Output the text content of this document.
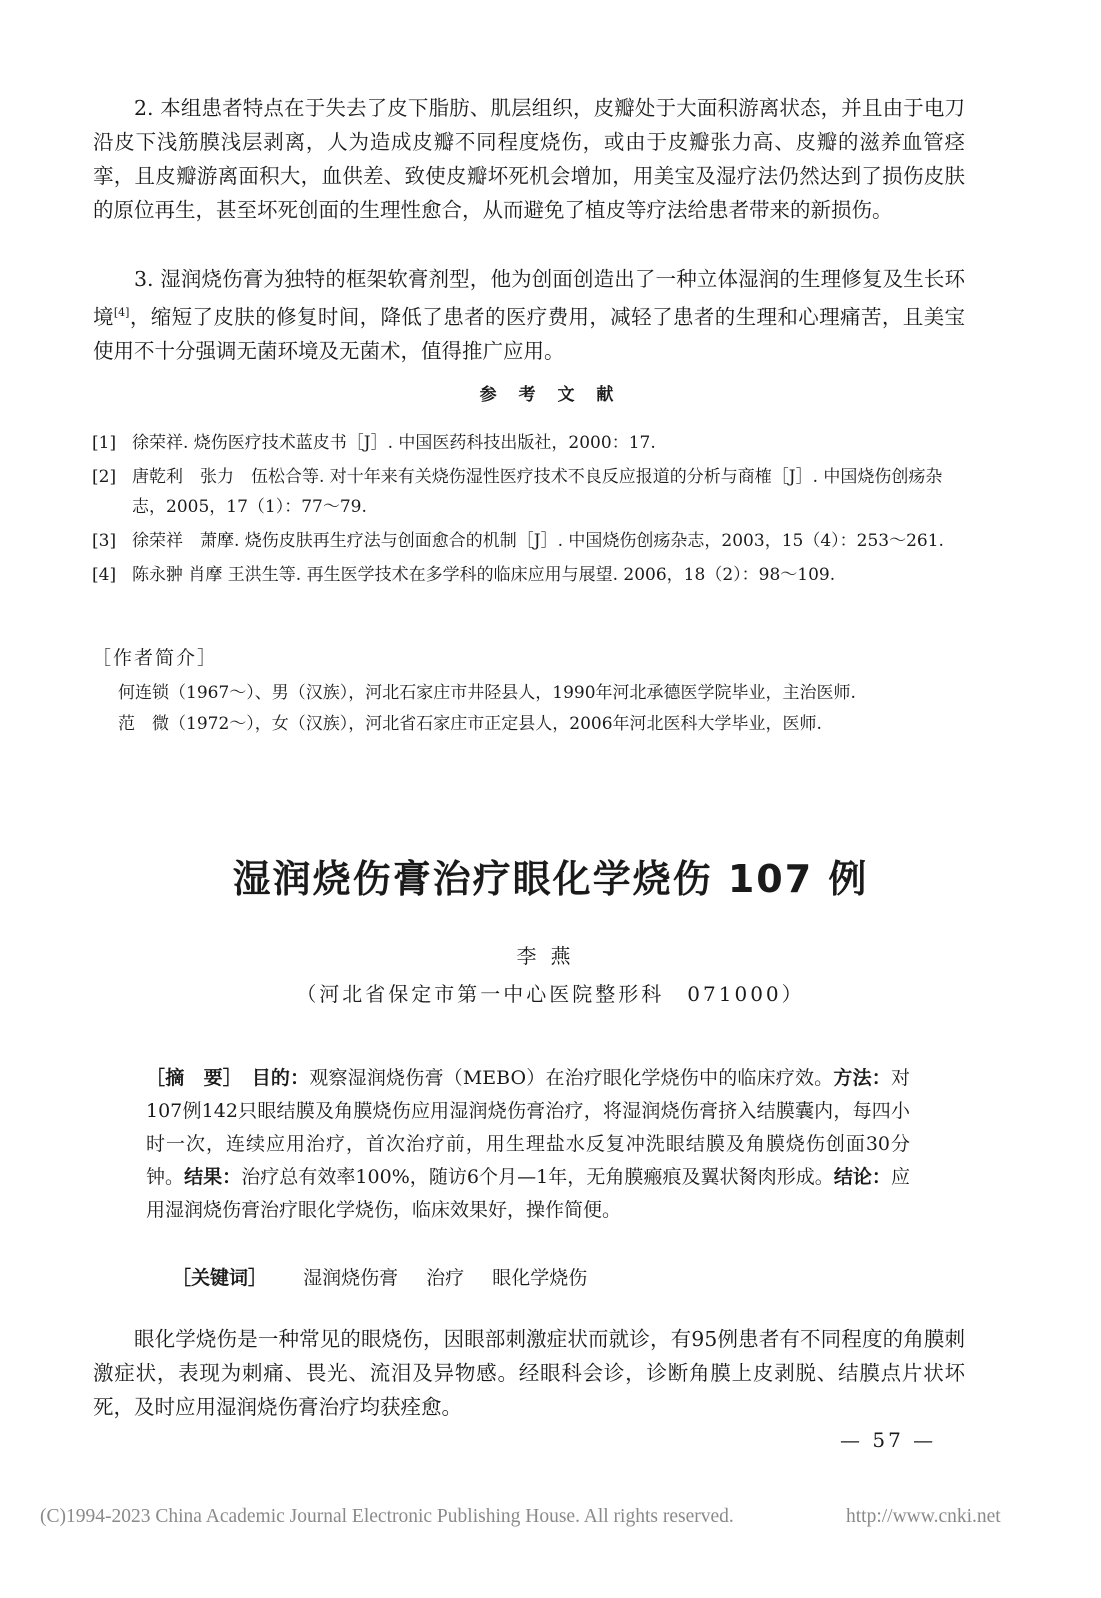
2. 本组患者特点在于失去了皮下脂肪、肌层组织，皮瓣处于大面积游离状态，并且由于电刀沿皮下浅筋膜浅层剥离，人为造成皮瓣不同程度烧伤，或由于皮瓣张力高、皮瓣的滋养血管痉挛，且皮瓣游离面积大，血供差、致使皮瓣坏死机会增加，用美宝及湿疗法仍然达到了损伤皮肤的原位再生，甚至坏死创面的生理性愈合，从而避免了植皮等疗法给患者带来的新损伤。

3. 湿润烧伤膏为独特的框架软膏剂型，他为创面创造出了一种立体湿润的生理修复及生长环境[4]，缩短了皮肤的修复时间，降低了患者的医疗费用，减轻了患者的生理和心理痛苦，且美宝使用不十分强调无菌环境及无菌术，值得推广应用。

参 考 文 献
[1] 徐荣祥. 烧伤医疗技术蓝皮书［J］. 中国医药科技出版社，2000：17.
[2] 唐乾利　张力　伍松合等. 对十年来有关烧伤湿性医疗技术不良反应报道的分析与商榷［J］. 中国烧伤创疡杂志，2005，17（1）：77～79.
[3] 徐荣祥　萧摩. 烧伤皮肤再生疗法与创面愈合的机制［J］. 中国烧伤创疡杂志，2003，15（4）：253～261.
[4] 陈永翀 肖摩 王洪生等. 再生医学技术在多学科的临床应用与展望. 2006，18（2）：98～109.
［作者简介］

何连锁（1967～）、男（汉族），河北石家庄市井陉县人，1990年河北承德医学院毕业，主治医师.

范　微（1972～），女（汉族），河北省石家庄市正定县人，2006年河北医科大学毕业，医师.

湿润烧伤膏治疗眼化学烧伤 107 例
李燕
（河北省保定市第一中心医院整形科　071000）

［摘　要］　 目的：观察湿润烧伤膏（MEBO）在治疗眼化学烧伤中的临床疗效。方法：对107例142只眼结膜及角膜烧伤应用湿润烧伤膏治疗，将湿润烧伤膏挤入结膜囊内，每四小时一次，连续应用治疗，首次治疗前，用生理盐水反复冲洗眼结膜及角膜烧伤创面30分钟。结果：治疗总有效率100%，随访6个月—1年，无角膜瘢痕及翼状胬肉形成。结论：应用湿润烧伤膏治疗眼化学烧伤，临床效果好，操作简便。

［关键词］ 湿润烧伤膏 治疗 眼化学烧伤

眼化学烧伤是一种常见的眼烧伤，因眼部刺激症状而就诊，有95例患者有不同程度的角膜刺激症状，表现为刺痛、畏光、流泪及异物感。经眼科会诊，诊断角膜上皮剥脱、结膜点片状坏死，及时应用湿润烧伤膏治疗均获痊愈。

— 57 —
(C)1994-2023 China Academic Journal Electronic Publishing House. All rights reserved.	http://www.cnki.net
